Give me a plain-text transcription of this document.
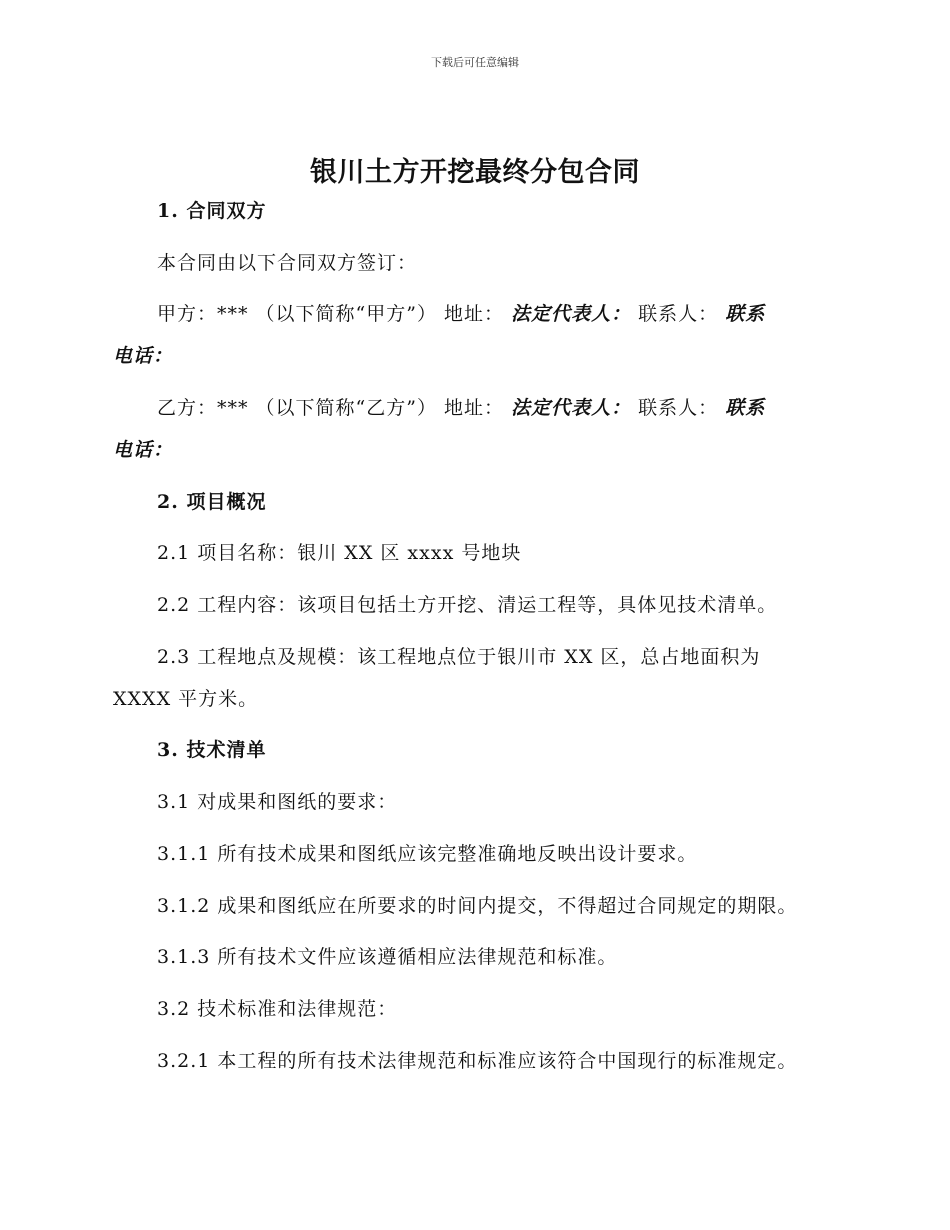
下载后可任意编辑
银川土方开挖最终分包合同
1. 合同双方
本合同由以下合同双方签订：
甲方：*** （以下简称“甲方”） 地址： 法定代表人： 联系人： 联系
电话：
乙方：*** （以下简称“乙方”） 地址： 法定代表人： 联系人： 联系
电话：
2. 项目概况
2.1 项目名称：银川 XX 区 xxxx 号地块
2.2 工程内容：该项目包括土方开挖、清运工程等，具体见技术清单。
2.3 工程地点及规模：该工程地点位于银川市 XX 区，总占地面积为
XXXX 平方米。
3. 技术清单
3.1 对成果和图纸的要求：
3.1.1 所有技术成果和图纸应该完整准确地反映出设计要求。
3.1.2 成果和图纸应在所要求的时间内提交，不得超过合同规定的期限。
3.1.3 所有技术文件应该遵循相应法律规范和标准。
3.2 技术标准和法律规范：
3.2.1 本工程的所有技术法律规范和标准应该符合中国现行的标准规定。
